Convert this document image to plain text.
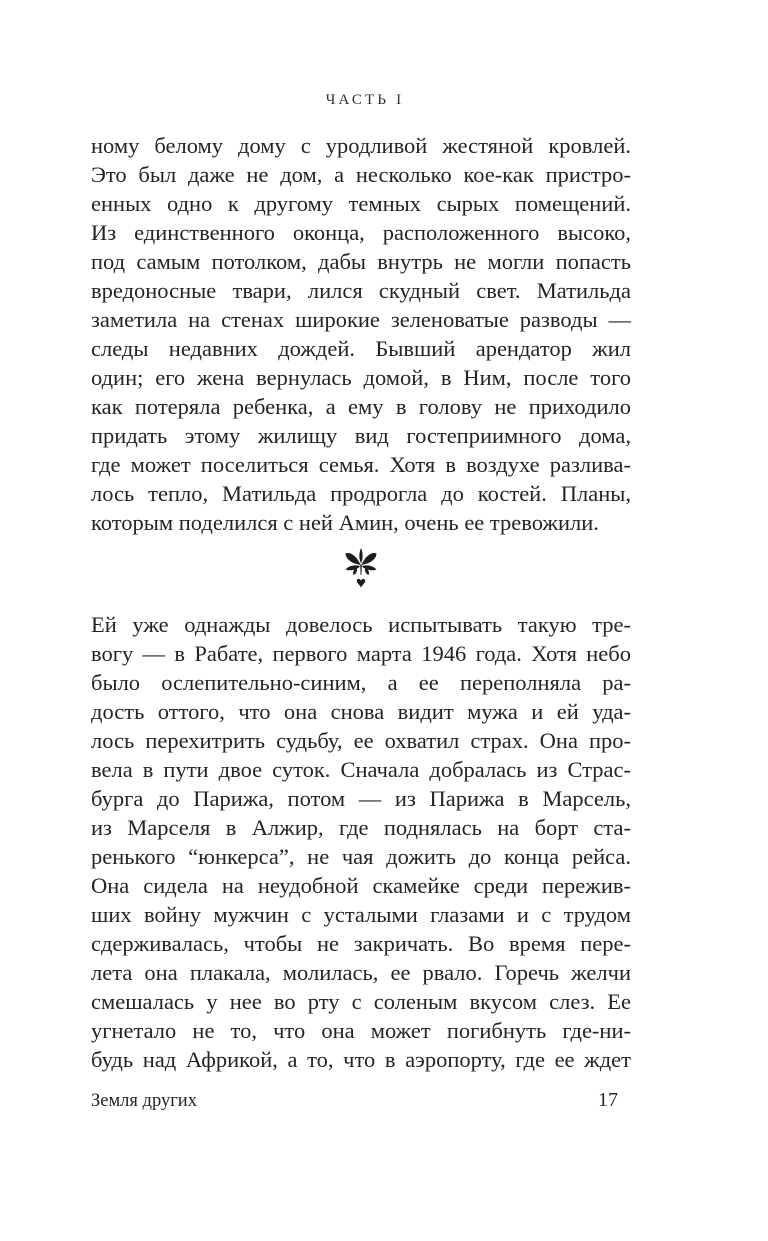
ЧАСТЬ I
ному белому дому с уродливой жестяной кровлей.
Это был даже не дом, а несколько кое-как пристро-
енных одно к другому темных сырых помещений.
Из единственного оконца, расположенного высоко,
под самым потолком, дабы внутрь не могли попасть
вредоносные твари, лился скудный свет. Матильда
заметила на стенах широкие зеленоватые разводы —
следы недавних дождей. Бывший арендатор жил
один; его жена вернулась домой, в Ним, после того
как потеряла ребенка, а ему в голову не приходило
придать этому жилищу вид гостеприимного дома,
где может поселиться семья. Хотя в воздухе разлива-
лось тепло, Матильда продрогла до костей. Планы,
которым поделился с ней Амин, очень ее тревожили.
Ей уже однажды довелось испытывать такую тре-
вогу — в Рабате, первого марта 1946 года. Хотя небо
было ослепительно-синим, а ее переполняла ра-
дость оттого, что она снова видит мужа и ей уда-
лось перехитрить судьбу, ее охватил страх. Она про-
вела в пути двое суток. Сначала добралась из Страс-
бурга до Парижа, потом — из Парижа в Марсель,
из Марселя в Алжир, где поднялась на борт ста-
ренького “юнкерса”, не чая дожить до конца рейса.
Она сидела на неудобной скамейке среди пережив-
ших войну мужчин с усталыми глазами и с трудом
сдерживалась, чтобы не закричать. Во время пере-
лета она плакала, молилась, ее рвало. Горечь желчи
смешалась у нее во рту с соленым вкусом слез. Ее
угнетало не то, что она может погибнуть где-ни-
будь над Африкой, а то, что в аэропорту, где ее ждет
Земля других	17
